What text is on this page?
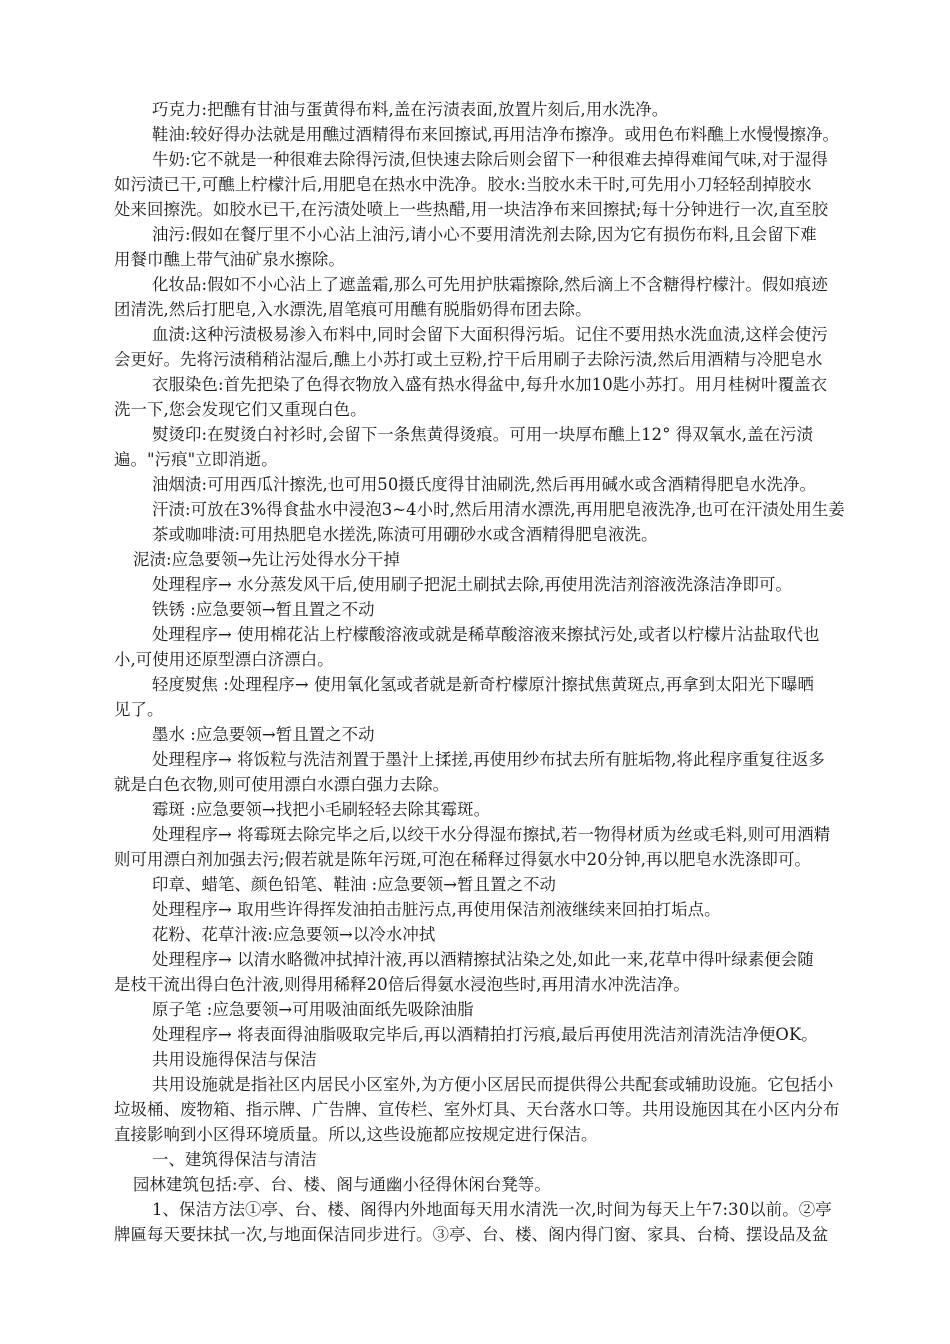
巧克力:把醮有甘油与蛋黄得布料,盖在污渍表面,放置片刻后,用水洗净。

鞋油:较好得办法就是用醮过酒精得布来回擦试,再用洁净布擦净。或用色布料醮上水慢慢擦净。

牛奶:它不就是一种很难去除得污渍,但快速去除后则会留下一种很难去掉得难闻气味,对于湿得

如污渍已干,可醮上柠檬汁后,用肥皂在热水中洗净。胶水:当胶水未干时,可先用小刀轻轻刮掉胶水

处来回擦洗。如胶水已干,在污渍处喷上一些热醋,用一块洁净布来回擦拭;每十分钟进行一次,直至胶

油污:假如在餐厅里不小心沾上油污,请小心不要用清洗剂去除,因为它有损伤布料,且会留下难

用餐巾醮上带气油矿泉水擦除。

化妆品:假如不小心沾上了遮盖霜,那么可先用护肤霜擦除,然后滴上不含糖得柠檬汁。假如痕迹

团清洗,然后打肥皂,入水漂洗,眉笔痕可用醮有脱脂奶得布团去除。

血渍:这种污渍极易渗入布料中,同时会留下大面积得污垢。记住不要用热水洗血渍,这样会使污

会更好。先将污渍稍稍沾湿后,醮上小苏打或土豆粉,拧干后用刷子去除污渍,然后用酒精与冷肥皂水

衣服染色:首先把染了色得衣物放入盛有热水得盆中,每升水加10匙小苏打。用月桂树叶覆盖衣

洗一下,您会发现它们又重现白色。

熨烫印:在熨烫白衬衫时,会留下一条焦黄得烫痕。可用一块厚布醮上12° 得双氧水,盖在污渍

遍。"污痕"立即消逝。

油烟渍:可用西瓜汁擦洗,也可用50摄氏度得甘油刷洗,然后再用碱水或含酒精得肥皂水洗净。

汗渍:可放在3%得食盐水中浸泡3~4小时,然后用清水漂洗,再用肥皂液洗净,也可在汗渍处用生姜

茶或咖啡渍:可用热肥皂水搓洗,陈渍可用硼砂水或含酒精得肥皂液洗。

泥渍:应急要领→先让污处得水分干掉

处理程序→ 水分蒸发风干后,使用刷子把泥土刷拭去除,再使用洗洁剂溶液洗涤洁净即可。

铁锈 :应急要领→暂且置之不动

处理程序→ 使用棉花沾上柠檬酸溶液或就是稀草酸溶液来擦拭污处,或者以柠檬片沾盐取代也

小,可使用还原型漂白济漂白。

轻度熨焦 :处理程序→ 使用氧化氢或者就是新奇柠檬原汁擦拭焦黄斑点,再拿到太阳光下曝晒

见了。

墨水 :应急要领→暂且置之不动

处理程序→ 将饭粒与洗洁剂置于墨汁上揉搓,再使用纱布拭去所有脏垢物,将此程序重复往返多

就是白色衣物,则可使用漂白水漂白强力去除。

霉斑 :应急要领→找把小毛刷轻轻去除其霉斑。

处理程序→ 将霉斑去除完毕之后,以绞干水分得湿布擦拭,若一物得材质为丝或毛料,则可用酒精

则可用漂白剂加强去污;假若就是陈年污斑,可泡在稀释过得氨水中20分钟,再以肥皂水洗涤即可。

印章、蜡笔、颜色铅笔、鞋油 :应急要领→暂且置之不动

处理程序→ 取用些许得挥发油拍击脏污点,再使用保洁剂液继续来回拍打垢点。

花粉、花草汁液:应急要领→以冷水冲拭

处理程序→ 以清水略微冲拭掉汁液,再以酒精擦拭沾染之处,如此一来,花草中得叶绿素便会随

是枝干流出得白色汁液,则得用稀释20倍后得氨水浸泡些时,再用清水冲洗洁净。

原子笔 :应急要领→可用吸油面纸先吸除油脂

处理程序→ 将表面得油脂吸取完毕后,再以酒精拍打污痕,最后再使用洗洁剂清洗洁净便OK。

共用设施得保洁与保洁

共用设施就是指社区内居民小区室外,为方便小区居民而提供得公共配套或辅助设施。它包括小

垃圾桶、废物箱、指示牌、广告牌、宣传栏、室外灯具、天台落水口等。共用设施因其在小区内分布

直接影响到小区得环境质量。所以,这些设施都应按规定进行保洁。

一、建筑得保洁与清洁

园林建筑包括:亭、台、楼、阁与通幽小径得休闲台凳等。

1、保洁方法①亭、台、楼、阁得内外地面每天用水清洗一次,时间为每天上午7:30以前。②亭

牌匾每天要抹拭一次,与地面保洁同步进行。③亭、台、楼、阁内得门窗、家具、台椅、摆设品及盆
